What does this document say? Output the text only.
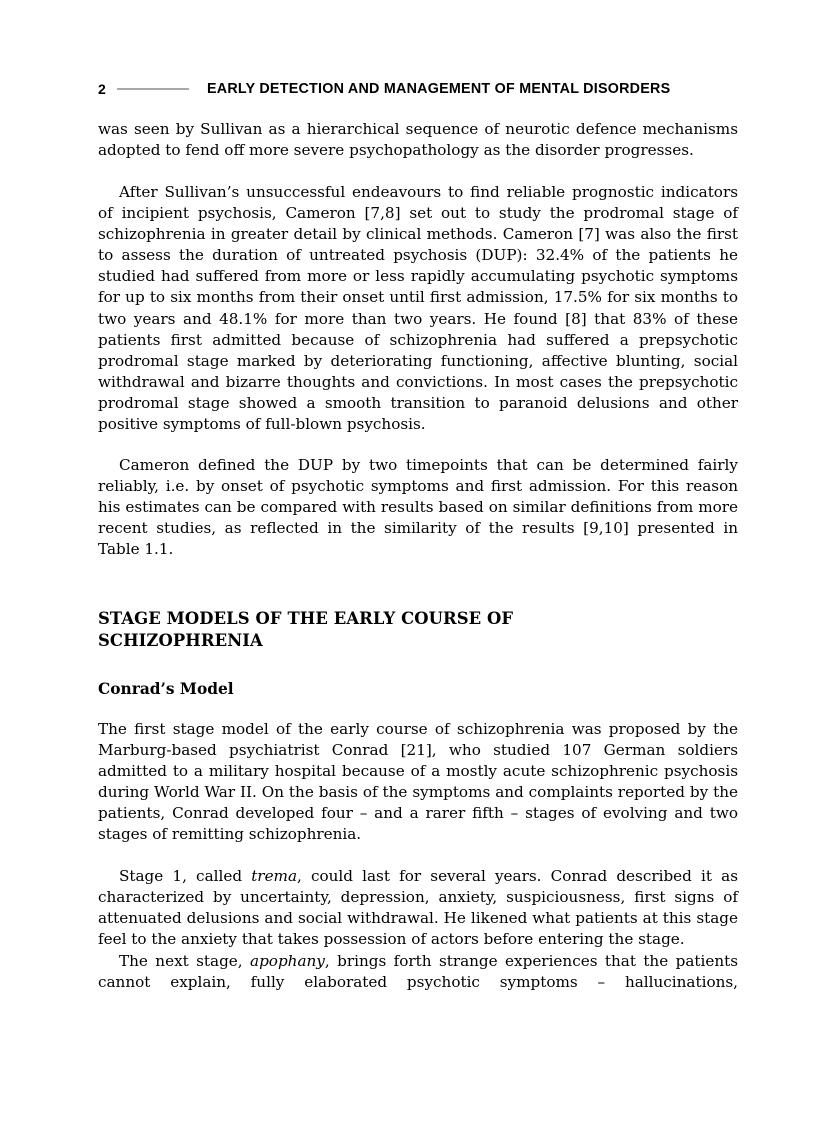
2	EARLY DETECTION AND MANAGEMENT OF MENTAL DISORDERS

was seen by Sullivan as a hierarchical sequence of neurotic defence mechanisms adopted to fend off more severe psychopathology as the disorder progresses.

After Sullivan’s unsuccessful endeavours to find reliable prognostic indicators of incipient psychosis, Cameron [7,8] set out to study the prodromal stage of schizophrenia in greater detail by clinical methods. Cameron [7] was also the first to assess the duration of untreated psychosis (DUP): 32.4% of the patients he studied had suffered from more or less rapidly accumulating psychotic symptoms for up to six months from their onset until first admission, 17.5% for six months to two years and 48.1% for more than two years. He found [8] that 83% of these patients first admitted because of schizophrenia had suffered a prepsychotic prodromal stage marked by deteriorating functioning, affective blunting, social withdrawal and bizarre thoughts and convictions. In most cases the prepsychotic prodromal stage showed a smooth transition to paranoid delusions and other positive symptoms of full-blown psychosis.

Cameron defined the DUP by two timepoints that can be determined fairly reliably, i.e. by onset of psychotic symptoms and first admission. For this reason his estimates can be compared with results based on similar definitions from more recent studies, as reflected in the similarity of the results [9,10] presented in Table 1.1.

STAGE MODELS OF THE EARLY COURSE OF
SCHIZOPHRENIA
Conrad’s Model

The first stage model of the early course of schizophrenia was proposed by the Marburg-based psychiatrist Conrad [21], who studied 107 German soldiers admitted to a military hospital because of a mostly acute schizophrenic psychosis during World War II. On the basis of the symptoms and complaints reported by the patients, Conrad developed four – and a rarer fifth – stages of evolving and two stages of remitting schizophrenia.

Stage 1, called trema, could last for several years. Conrad described it as characterized by uncertainty, depression, anxiety, suspiciousness, first signs of attenuated delusions and social withdrawal. He likened what patients at this stage feel to the anxiety that takes possession of actors before entering the stage.

The next stage, apophany, brings forth strange experiences that the patients cannot explain, fully elaborated psychotic symptoms – hallucinations,
